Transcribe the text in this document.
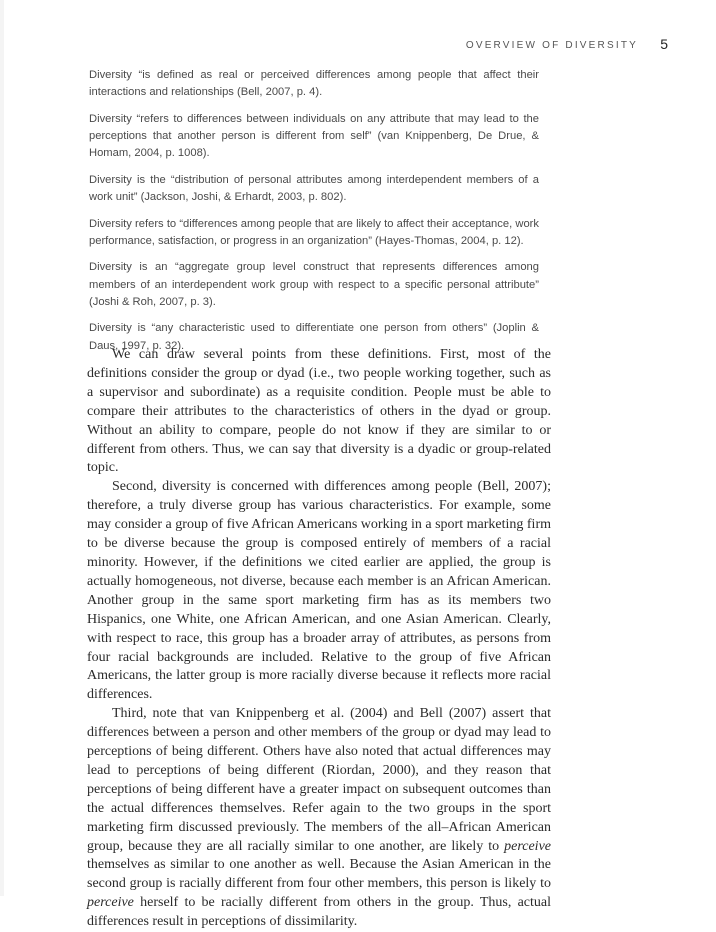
OVERVIEW OF DIVERSITY 5

Diversity “is defined as real or perceived differences among people that affect their interactions and relationships (Bell, 2007, p. 4).

Diversity “refers to differences between individuals on any attribute that may lead to the perceptions that another person is different from self” (van Knippenberg, De Drue, & Homam, 2004, p. 1008).

Diversity is the “distribution of personal attributes among interdependent members of a work unit” (Jackson, Joshi, & Erhardt, 2003, p. 802).

Diversity refers to “differences among people that are likely to affect their acceptance, work performance, satisfaction, or progress in an organization” (Hayes-Thomas, 2004, p. 12).

Diversity is an “aggregate group level construct that represents differences among members of an interdependent work group with respect to a specific personal attribute” (Joshi & Roh, 2007, p. 3).

Diversity is “any characteristic used to differentiate one person from others” (Joplin & Daus, 1997, p. 32).

We can draw several points from these definitions. First, most of the definitions consider the group or dyad (i.e., two people working together, such as a supervisor and subordinate) as a requisite condition. People must be able to compare their attributes to the characteristics of others in the dyad or group. Without an ability to compare, people do not know if they are similar to or different from others. Thus, we can say that diversity is a dyadic or group-related topic.

Second, diversity is concerned with differences among people (Bell, 2007); therefore, a truly diverse group has various characteristics. For example, some may consider a group of five African Americans working in a sport marketing firm to be diverse because the group is composed entirely of members of a racial minority. However, if the definitions we cited earlier are applied, the group is actually homogeneous, not diverse, because each member is an African American. Another group in the same sport marketing firm has as its members two Hispanics, one White, one African American, and one Asian American. Clearly, with respect to race, this group has a broader array of attributes, as persons from four racial backgrounds are included. Relative to the group of five African Americans, the latter group is more racially diverse because it reflects more racial differences.

Third, note that van Knippenberg et al. (2004) and Bell (2007) assert that differences between a person and other members of the group or dyad may lead to perceptions of being different. Others have also noted that actual differences may lead to perceptions of being different (Riordan, 2000), and they reason that perceptions of being different have a greater impact on subsequent outcomes than the actual differences themselves. Refer again to the two groups in the sport marketing firm discussed previously. The members of the all–African American group, because they are all racially similar to one another, are likely to perceive themselves as similar to one another as well. Because the Asian American in the second group is racially different from four other members, this person is likely to perceive herself to be racially different from others in the group. Thus, actual differences result in perceptions of dissimilarity.
